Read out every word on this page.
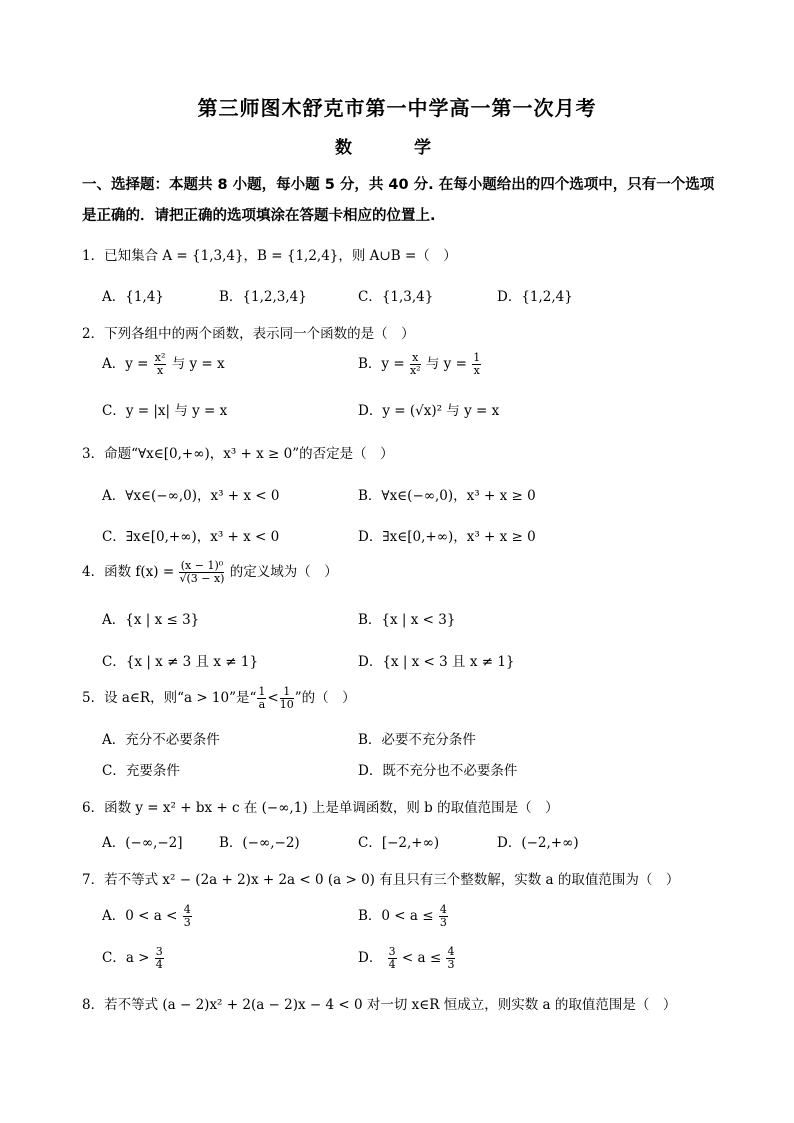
第三师图木舒克市第一中学高一第一次月考
数 学
一、选择题：本题共 8 小题，每小题 5 分，共 40 分. 在每小题给出的四个选项中，只有一个选项是正确的．请把正确的选项填涂在答题卡相应的位置上.
1．已知集合 A = {1,3,4}，B = {1,2,4}，则 A∪B =（　）
A．{1,4}	B．{1,2,3,4}	C．{1,3,4}	D．{1,2,4}
2．下列各组中的两个函数，表示同一个函数的是（　）
A．$y = \frac{\text{x²}}{x}$ 与 y = x	B．$y = \frac{x}{\text{x²}}$ 与 $y = \frac{1}{x}$
C．y = |x| 与 y = x	D．y = (√x)² 与 y = x
3．命题“∀x∈[0,+∞)，x³ + x ≥ 0”的否定是（　）
A．∀x∈(−∞,0)，x³ + x < 0	B．∀x∈(−∞,0)，x³ + x ≥ 0
C．∃x∈[0,+∞)，x³ + x < 0	D．∃x∈[0,+∞)，x³ + x ≥ 0
4．函数 $f(x) = \frac{\text{(x − 1)⁰}}{√(3 - x)}$ 的定义域为（　）
A．{x | x ≤ 3}	B．{x | x < 3}
C．{x | x ≠ 3 且 x ≠ 1}	D．{x | x < 3 且 x ≠ 1}
5．设 a∈R，则“a > 10”是“ $\frac{1}{a} < \frac{1}{10}$ ”的（　）
A．充分不必要条件	B．必要不充分条件
C．充要条件	D．既不充分也不必要条件
6．函数 y = x² + bx + c 在 (−∞,1) 上是单调函数，则 b 的取值范围是（　）
A．(−∞,−2]	B．(−∞,−2)	C．[−2,+∞)	D．(−2,+∞)
7．若不等式 x² − (2a + 2)x + 2a < 0 (a > 0) 有且只有三个整数解，实数 a 的取值范围为（　）
A．$0 < a < \frac{4}{3}$	B．$0 < a \le \frac{4}{3}$
C．$a > \frac{3}{4}$	D． $\frac{3}{4} < a \le \frac{4}{3}$
8．若不等式 (a − 2)x² + 2(a − 2)x − 4 < 0 对一切 x∈R 恒成立，则实数 a 的取值范围是（　）
